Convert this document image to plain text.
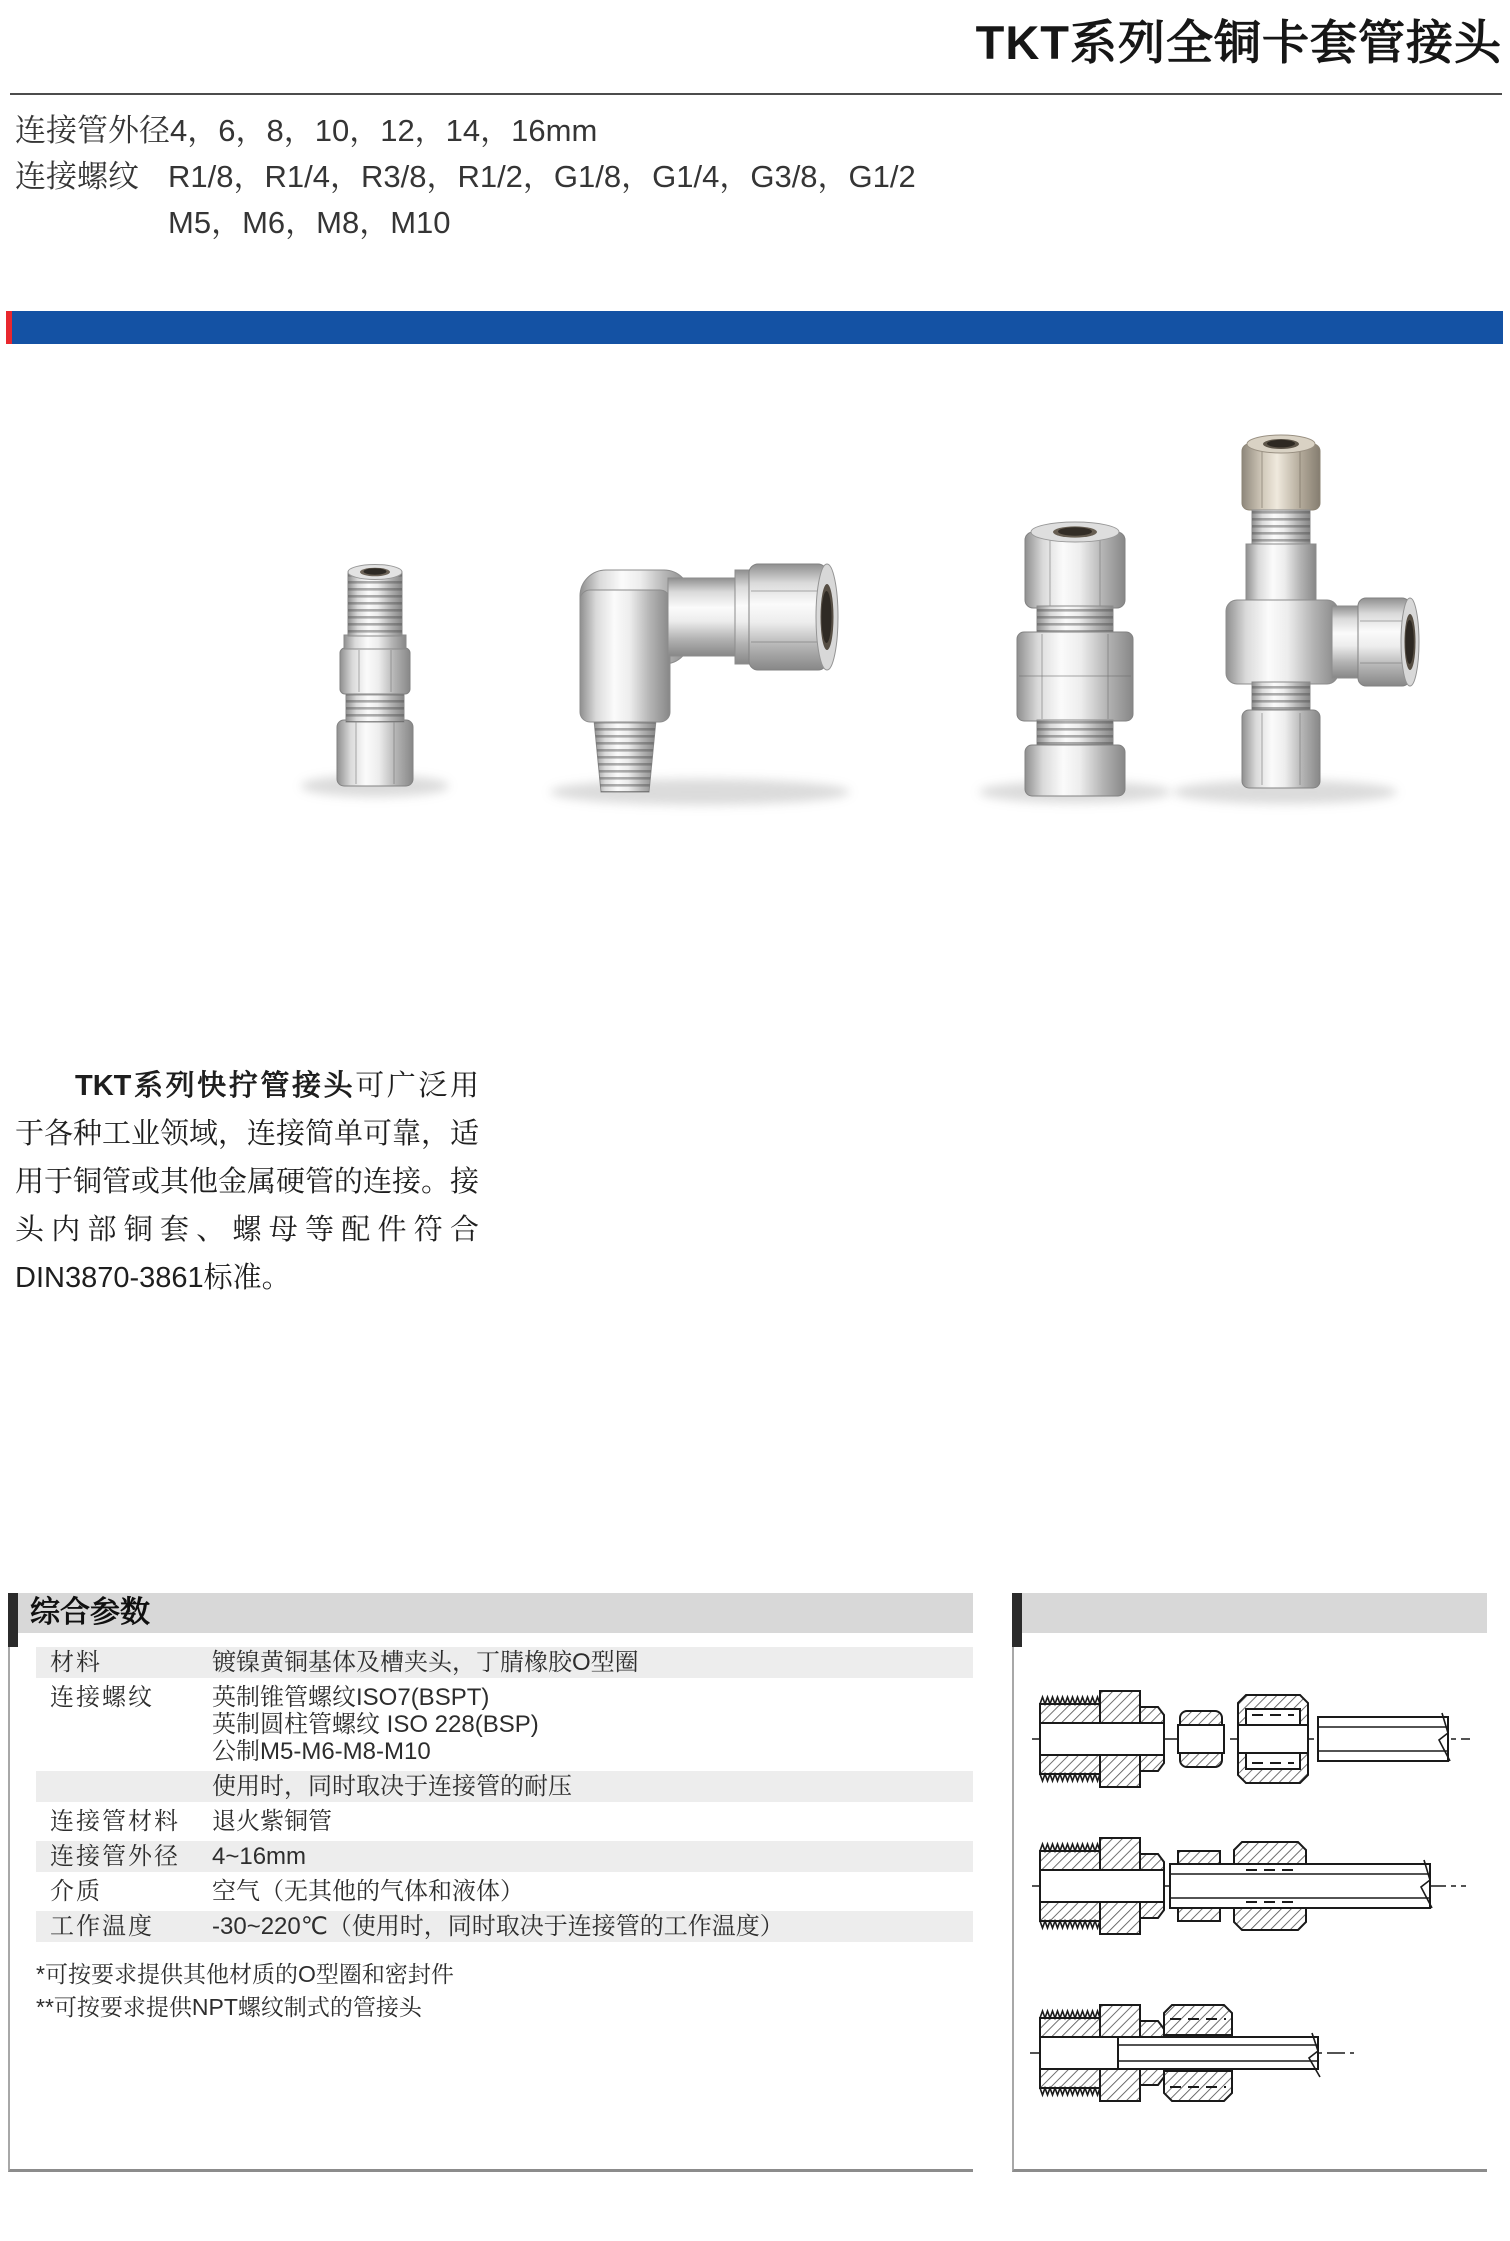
TKT系列全铜卡套管接头
连接管外径4，6，8，10，12，14，16mm
连接螺纹 R1/8，R1/4，R3/8，R1/2，G1/8，G1/4，G3/8，G1/2
M5，M6，M8，M10

TKT系列快拧管接头可广泛用于各种工业领域，连接简单可靠，适用于铜管或其他金属硬管的连接。接头内部铜套、螺母等配件符合DIN3870-3861标准。

综合参数
材料	镀镍黄铜基体及槽夹头，丁腈橡胶O型圈
连接螺纹	英制锥管螺纹ISO7(BSPT)
英制圆柱管螺纹 ISO 228(BSP)
公制M5-M6-M8-M10
使用时，同时取决于连接管的耐压
连接管材料	退火紫铜管
连接管外径	4~16mm
介质	空气（无其他的气体和液体）
工作温度	-30~220℃（使用时，同时取决于连接管的工作温度）
*可按要求提供其他材质的O型圈和密封件
**可按要求提供NPT螺纹制式的管接头
